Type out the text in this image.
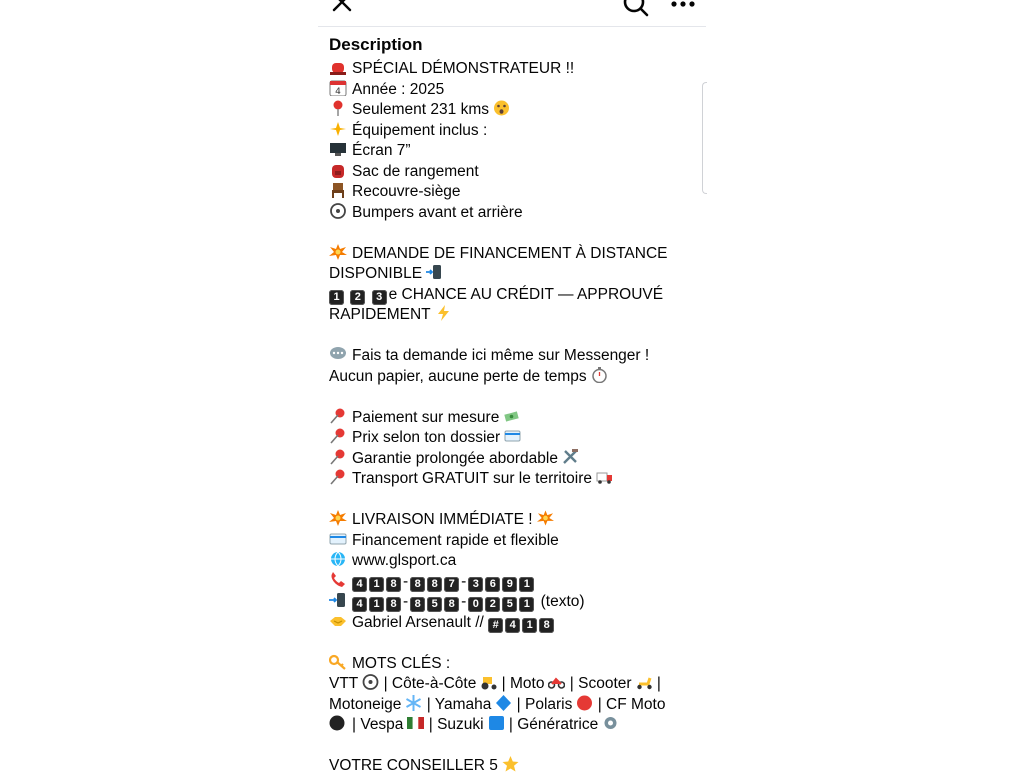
Description
SPÉCIAL DÉMONSTRATEUR !!
4 Année : 2025
Seulement 231 kms
Équipement inclus :
Écran 7”
Sac de rangement
Recouvre-siège
Bumpers avant et arrière
DEMANDE DE FINANCEMENT À DISTANCE
DISPONIBLE
1 2 3 e CHANCE AU CRÉDIT — APPROUVÉ
RAPIDEMENT
Fais ta demande ici même sur Messenger !
Aucun papier, aucune perte de temps
Paiement sur mesure
Prix selon ton dossier
Garantie prolongée abordable
Transport GRATUIT sur le territoire
LIVRAISON IMMÉDIATE !
Financement rapide et flexible
www.glsport.ca
4 1 8 - 8 8 7 - 3 6 9 1
4 1 8 - 8 5 8 - 0 2 5 1 (texto)
Gabriel Arsenault // # 4 1 8
MOTS CLÉS :
VTT | Côte-à-Côte | Moto | Scooter |
Motoneige | Yamaha | Polaris | CF Moto
| Vespa | Suzuki | Génératrice
VOTRE CONSEILLER 5
